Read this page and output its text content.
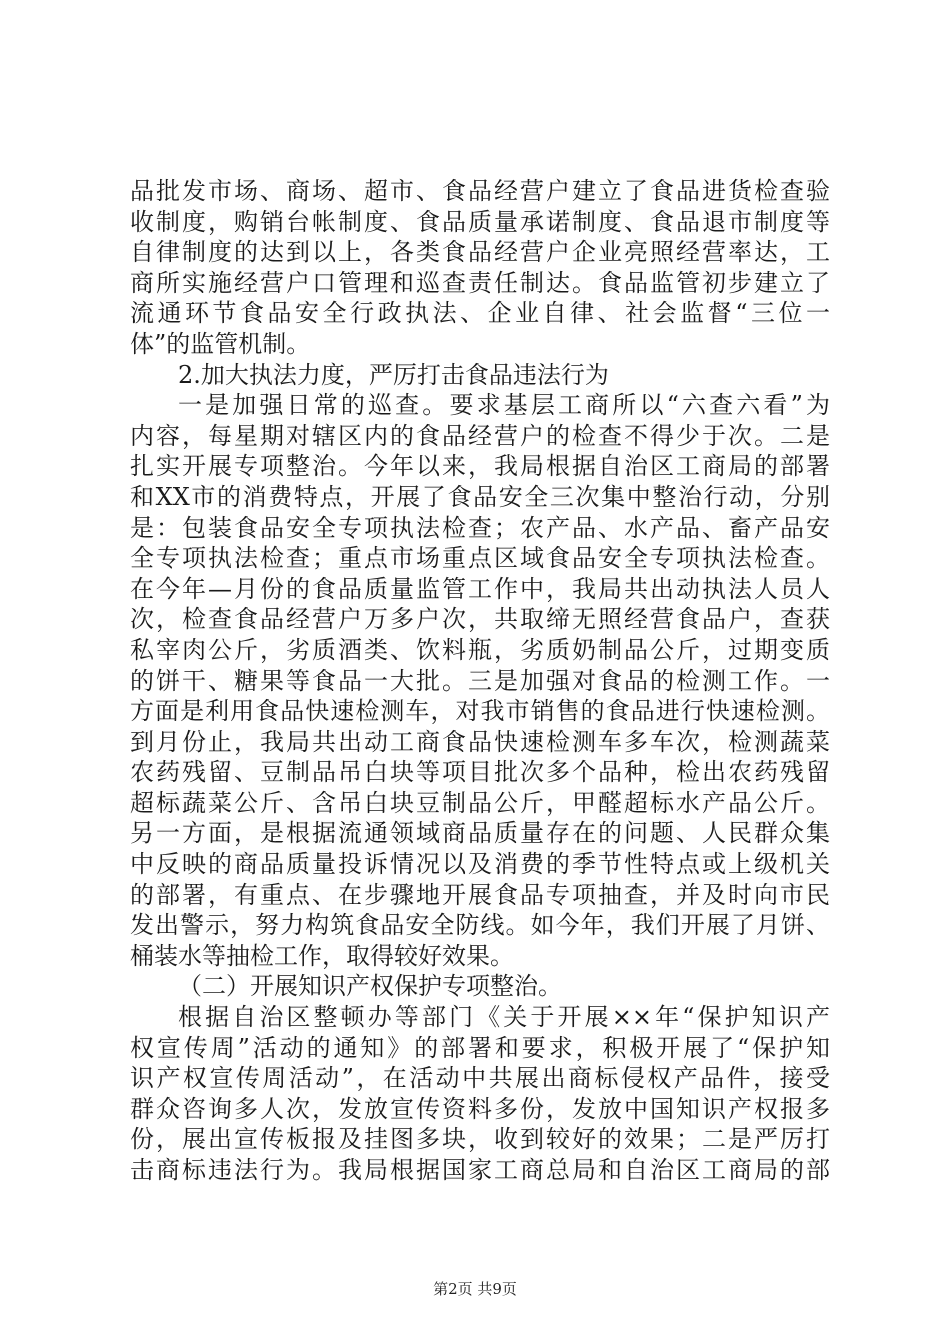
品批发市场、商场、超市、食品经营户建立了食品进货检查验
收制度，购销台帐制度、食品质量承诺制度、食品退市制度等
自律制度的达到以上，各类食品经营户企业亮照经营率达，工
商所实施经营户口管理和巡查责任制达。食品监管初步建立了
流通环节食品安全行政执法、企业自律、社会监督“三位一
体”的监管机制。
2.加大执法力度，严厉打击食品违法行为
一是加强日常的巡查。要求基层工商所以“六查六看”为
内容，每星期对辖区内的食品经营户的检查不得少于次。二是
扎实开展专项整治。今年以来，我局根据自治区工商局的部署
和XX市的消费特点，开展了食品安全三次集中整治行动，分别
是：包装食品安全专项执法检查；农产品、水产品、畜产品安
全专项执法检查；重点市场重点区域食品安全专项执法检查。
在今年—月份的食品质量监管工作中，我局共出动执法人员人
次，检查食品经营户万多户次，共取缔无照经营食品户，查获
私宰肉公斤，劣质酒类、饮料瓶，劣质奶制品公斤，过期变质
的饼干、糖果等食品一大批。三是加强对食品的检测工作。一
方面是利用食品快速检测车，对我市销售的食品进行快速检测。
到月份止，我局共出动工商食品快速检测车多车次，检测蔬菜
农药残留、豆制品吊白块等项目批次多个品种，检出农药残留
超标蔬菜公斤、含吊白块豆制品公斤，甲醛超标水产品公斤。
另一方面，是根据流通领域商品质量存在的问题、人民群众集
中反映的商品质量投诉情况以及消费的季节性特点或上级机关
的部署，有重点、在步骤地开展食品专项抽查，并及时向市民
发出警示，努力构筑食品安全防线。如今年，我们开展了月饼、
桶装水等抽检工作，取得较好效果。
（二）开展知识产权保护专项整治。
根据自治区整顿办等部门《关于开展××年“保护知识产
权宣传周”活动的通知》的部署和要求，积极开展了“保护知
识产权宣传周活动”，在活动中共展出商标侵权产品件，接受
群众咨询多人次，发放宣传资料多份，发放中国知识产权报多
份，展出宣传板报及挂图多块，收到较好的效果；二是严厉打
击商标违法行为。我局根据国家工商总局和自治区工商局的部
第2页 共9页
